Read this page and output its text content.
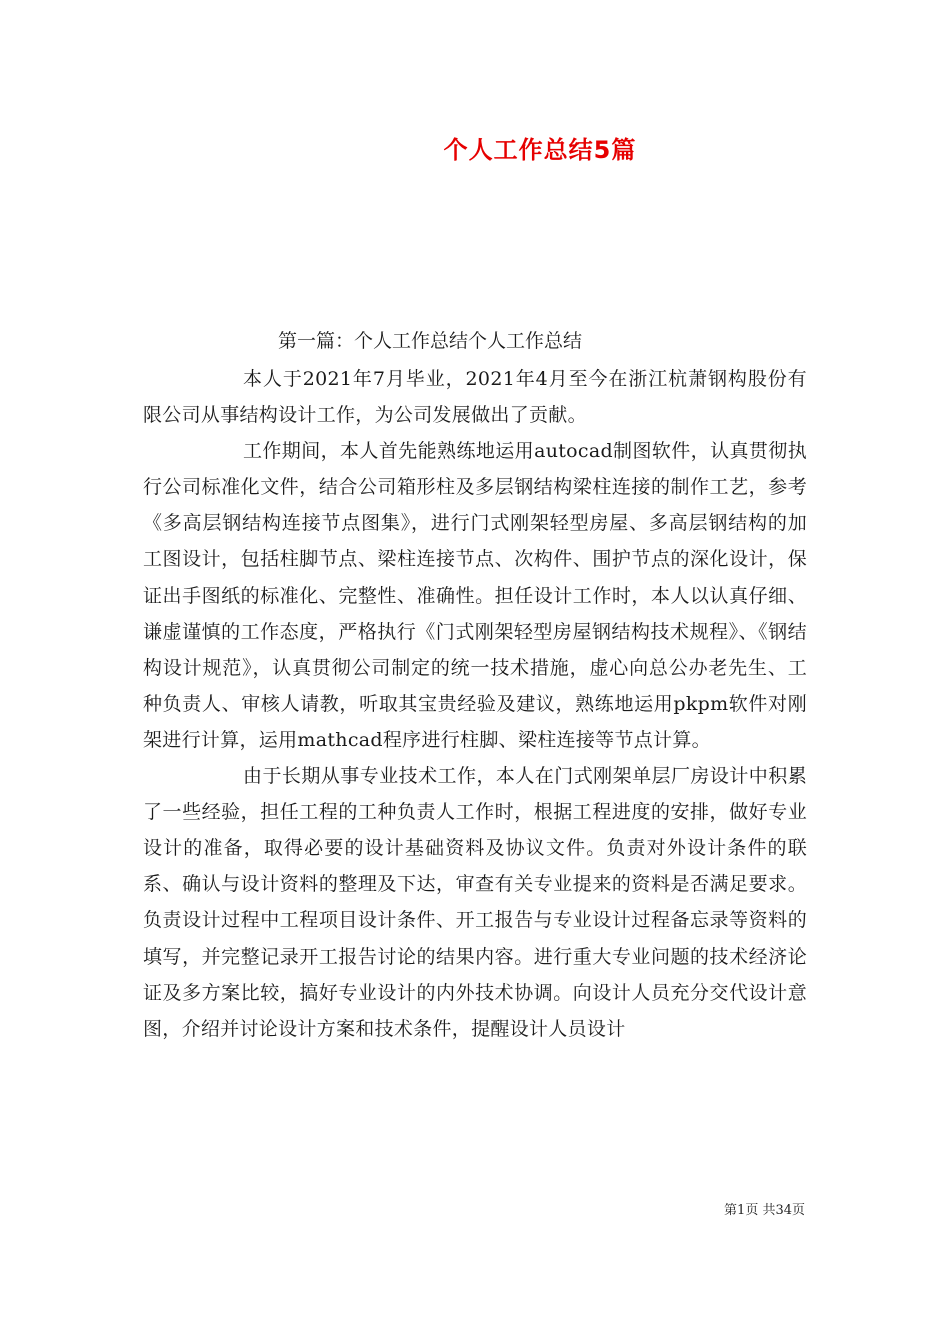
个人工作总结5篇
第一篇：个人工作总结个人工作总结

本人于2021年7月毕业，2021年4月至今在浙江杭萧钢构股份有限公司从事结构设计工作，为公司发展做出了贡献。

工作期间，本人首先能熟练地运用autocad制图软件，认真贯彻执行公司标准化文件，结合公司箱形柱及多层钢结构梁柱连接的制作工艺，参考《多高层钢结构连接节点图集》，进行门式刚架轻型房屋、多高层钢结构的加工图设计，包括柱脚节点、梁柱连接节点、次构件、围护节点的深化设计，保证出手图纸的标准化、完整性、准确性。担任设计工作时，本人以认真仔细、谦虚谨慎的工作态度，严格执行《门式刚架轻型房屋钢结构技术规程》、《钢结构设计规范》，认真贯彻公司制定的统一技术措施，虚心向总公办老先生、工种负责人、审核人请教，听取其宝贵经验及建议，熟练地运用pkpm软件对刚架进行计算，运用mathcad程序进行柱脚、梁柱连接等节点计算。

由于长期从事专业技术工作，本人在门式刚架单层厂房设计中积累了一些经验，担任工程的工种负责人工作时，根据工程进度的安排，做好专业设计的准备，取得必要的设计基础资料及协议文件。负责对外设计条件的联系、确认与设计资料的整理及下达，审查有关专业提来的资料是否满足要求。负责设计过程中工程项目设计条件、开工报告与专业设计过程备忘录等资料的填写，并完整记录开工报告讨论的结果内容。进行重大专业问题的技术经济论证及多方案比较，搞好专业设计的内外技术协调。向设计人员充分交代设计意图，介绍并讨论设计方案和技术条件，提醒设计人员设计

第1页 共34页
